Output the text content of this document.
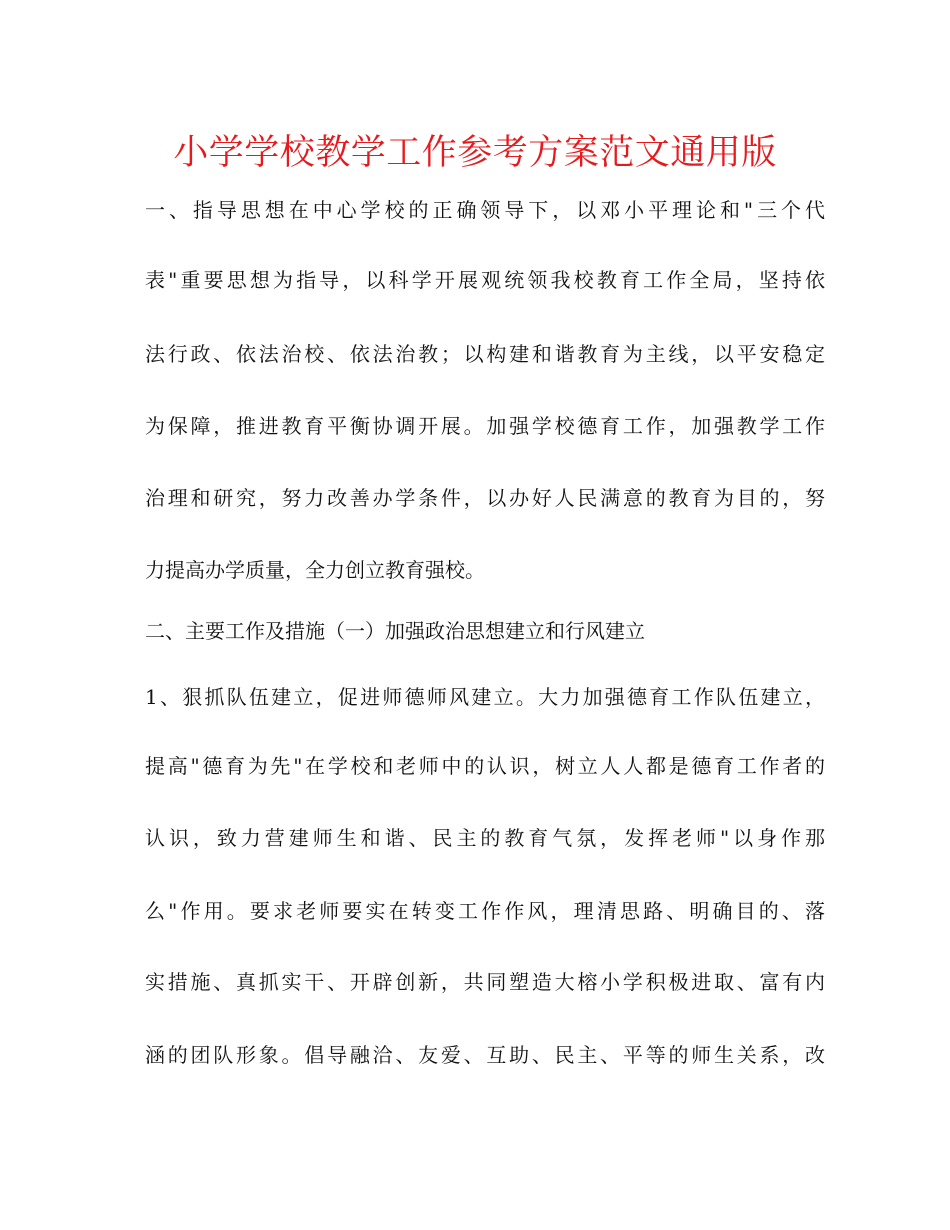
小学学校教学工作参考方案范文通用版
一、指导思想在中心学校的正确领导下，以邓小平理论和"三个代
表"重要思想为指导，以科学开展观统领我校教育工作全局，坚持依
法行政、依法治校、依法治教；以构建和谐教育为主线，以平安稳定
为保障，推进教育平衡协调开展。加强学校德育工作，加强教学工作
治理和研究，努力改善办学条件，以办好人民满意的教育为目的，努
力提高办学质量，全力创立教育强校。
二、主要工作及措施（一）加强政治思想建立和行风建立
1、狠抓队伍建立，促进师德师风建立。大力加强德育工作队伍建立，
提高"德育为先"在学校和老师中的认识，树立人人都是德育工作者的
认识，致力营建师生和谐、民主的教育气氛，发挥老师"以身作那
么"作用。要求老师要实在转变工作作风，理清思路、明确目的、落
实措施、真抓实干、开辟创新，共同塑造大榕小学积极进取、富有内
涵的团队形象。倡导融洽、友爱、互助、民主、平等的师生关系，改
